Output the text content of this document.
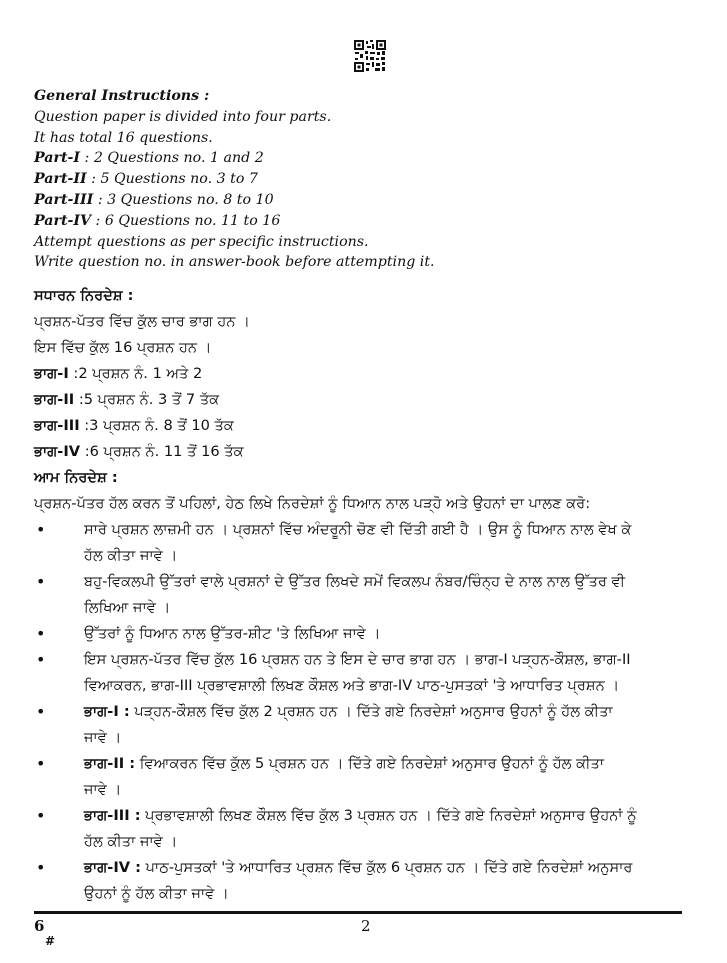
General Instructions :
Question paper is divided into four parts.
It has total 16 questions.
Part-I : 2 Questions no. 1 and 2
Part-II : 5 Questions no. 3 to 7
Part-III : 3 Questions no. 8 to 10
Part-IV : 6 Questions no. 11 to 16
Attempt questions as per specific instructions.
Write question no. in answer-book before attempting it.
ਸਧਾਰਨ ਨਿਰਦੇਸ਼ :
ਪ੍ਰਸ਼ਨ-ਪੱਤਰ ਵਿੱਚ ਕੁੱਲ ਚਾਰ ਭਾਗ ਹਨ ।
ਇਸ ਵਿੱਚ ਕੁੱਲ 16 ਪ੍ਰਸ਼ਨ ਹਨ ।
ਭਾਗ-I :2 ਪ੍ਰਸ਼ਨ ਨੰ. 1 ਅਤੇ 2
ਭਾਗ-II :5 ਪ੍ਰਸ਼ਨ ਨੰ. 3 ਤੋਂ 7 ਤੱਕ
ਭਾਗ-III :3 ਪ੍ਰਸ਼ਨ ਨੰ. 8 ਤੋਂ 10 ਤੱਕ
ਭਾਗ-IV :6 ਪ੍ਰਸ਼ਨ ਨੰ. 11 ਤੋਂ 16 ਤੱਕ
ਆਮ ਨਿਰਦੇਸ਼ :
ਪ੍ਰਸ਼ਨ-ਪੱਤਰ ਹੱਲ ਕਰਨ ਤੋਂ ਪਹਿਲਾਂ, ਹੇਠ ਲਿਖੇ ਨਿਰਦੇਸ਼ਾਂ ਨੂੰ ਧਿਆਨ ਨਾਲ ਪੜ੍ਹੋ ਅਤੇ ਉਹਨਾਂ ਦਾ ਪਾਲਣ ਕਰੋ:
•	ਸਾਰੇ ਪ੍ਰਸ਼ਨ ਲਾਜ਼ਮੀ ਹਨ । ਪ੍ਰਸ਼ਨਾਂ ਵਿੱਚ ਅੰਦਰੂਨੀ ਚੋਣ ਵੀ ਦਿੱਤੀ ਗਈ ਹੈ । ਉਸ ਨੂੰ ਧਿਆਨ ਨਾਲ ਵੇਖ ਕੇ
ਹੱਲ ਕੀਤਾ ਜਾਵੇ ।
•	ਬਹੁ-ਵਿਕਲਪੀ ਉੱਤਰਾਂ ਵਾਲੇ ਪ੍ਰਸ਼ਨਾਂ ਦੇ ਉੱਤਰ ਲਿਖਦੇ ਸਮੇਂ ਵਿਕਲਪ ਨੰਬਰ/ਚਿੰਨ੍ਹ ਦੇ ਨਾਲ ਨਾਲ ਉੱਤਰ ਵੀ
ਲਿਖਿਆ ਜਾਵੇ ।
•	ਉੱਤਰਾਂ ਨੂੰ ਧਿਆਨ ਨਾਲ ਉੱਤਰ-ਸ਼ੀਟ 'ਤੇ ਲਿਖਿਆ ਜਾਵੇ ।
•	ਇਸ ਪ੍ਰਸ਼ਨ-ਪੱਤਰ ਵਿੱਚ ਕੁੱਲ 16 ਪ੍ਰਸ਼ਨ ਹਨ ਤੇ ਇਸ ਦੇ ਚਾਰ ਭਾਗ ਹਨ । ਭਾਗ-I ਪੜ੍ਹਨ-ਕੌਸ਼ਲ, ਭਾਗ-II
ਵਿਆਕਰਨ, ਭਾਗ-III ਪ੍ਰਭਾਵਸ਼ਾਲੀ ਲਿਖਣ ਕੌਸ਼ਲ ਅਤੇ ਭਾਗ-IV ਪਾਠ-ਪੁਸਤਕਾਂ 'ਤੇ ਆਧਾਰਿਤ ਪ੍ਰਸ਼ਨ ।
•	ਭਾਗ-I : ਪੜ੍ਹਨ-ਕੌਸ਼ਲ ਵਿੱਚ ਕੁੱਲ 2 ਪ੍ਰਸ਼ਨ ਹਨ । ਦਿੱਤੇ ਗਏ ਨਿਰਦੇਸ਼ਾਂ ਅਨੁਸਾਰ ਉਹਨਾਂ ਨੂੰ ਹੱਲ ਕੀਤਾ
ਜਾਵੇ ।
•	ਭਾਗ-II : ਵਿਆਕਰਨ ਵਿੱਚ ਕੁੱਲ 5 ਪ੍ਰਸ਼ਨ ਹਨ । ਦਿੱਤੇ ਗਏ ਨਿਰਦੇਸ਼ਾਂ ਅਨੁਸਾਰ ਉਹਨਾਂ ਨੂੰ ਹੱਲ ਕੀਤਾ
ਜਾਵੇ ।
•	ਭਾਗ-III : ਪ੍ਰਭਾਵਸ਼ਾਲੀ ਲਿਖਣ ਕੌਸ਼ਲ ਵਿੱਚ ਕੁੱਲ 3 ਪ੍ਰਸ਼ਨ ਹਨ । ਦਿੱਤੇ ਗਏ ਨਿਰਦੇਸ਼ਾਂ ਅਨੁਸਾਰ ਉਹਨਾਂ ਨੂੰ
ਹੱਲ ਕੀਤਾ ਜਾਵੇ ।
•	ਭਾਗ-IV : ਪਾਠ-ਪੁਸਤਕਾਂ 'ਤੇ ਆਧਾਰਿਤ ਪ੍ਰਸ਼ਨ ਵਿੱਚ ਕੁੱਲ 6 ਪ੍ਰਸ਼ਨ ਹਨ । ਦਿੱਤੇ ਗਏ ਨਿਰਦੇਸ਼ਾਂ ਅਨੁਸਾਰ
ਉਹਨਾਂ ਨੂੰ ਹੱਲ ਕੀਤਾ ਜਾਵੇ ।
6	2
#
